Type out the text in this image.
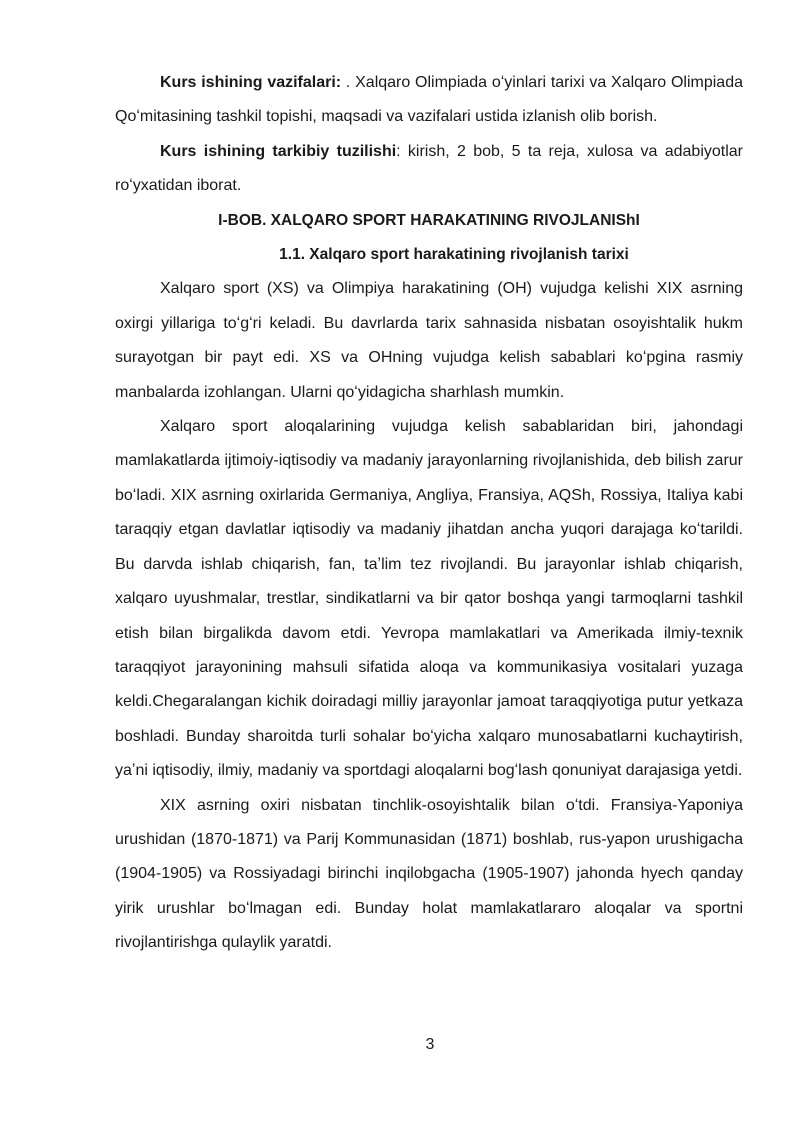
Kurs ishining vazifalari: . Xalqaro Olimpiada oʻyinlari tarixi va Xalqaro Olimpiada Qoʻmitasining tashkil topishi, maqsadi va vazifalari ustida izlanish olib borish.

Kurs ishining tarkibiy tuzilishi: kirish, 2 bob, 5 ta reja, xulosa va adabiyotlar roʻyxatidan iborat.

I-BOB. XALQARO SPORT HARAKATINING RIVOJLANIShI

1.1. Xalqaro sport harakatining rivojlanish tarixi

Xalqaro sport (XS) va Olimpiya harakatining (OH) vujudga kelishi XIX asrning oxirgi yillariga toʻgʻri keladi. Bu davrlarda tarix sahnasida nisbatan osoyishtalik hukm surayotgan bir payt edi. XS va OHning vujudga kelish sabablari koʻpgina rasmiy manbalarda izohlangan. Ularni qoʻyidagicha sharhlash mumkin.

Xalqaro sport aloqalarining vujudga kelish sabablaridan biri, jahondagi mamlakatlarda ijtimoiy-iqtisodiy va madaniy jarayonlarning rivojlanishida, deb bilish zarur boʻladi. XIX asrning oxirlarida Germaniya, Angliya, Fransiya, AQSh, Rossiya, Italiya kabi taraqqiy etgan davlatlar iqtisodiy va madaniy jihatdan ancha yuqori darajaga koʻtarildi. Bu darvda ishlab chiqarish, fan, taʼlim tez rivojlandi. Bu jarayonlar ishlab chiqarish, xalqaro uyushmalar, trestlar, sindikatlarni va bir qator boshqa yangi tarmoqlarni tashkil etish bilan birgalikda davom etdi. Yevropa mamlakatlari va Amerikada ilmiy-texnik taraqqiyot jarayonining mahsuli sifatida aloqa va kommunikasiya vositalari yuzaga keldi.Chegaralangan kichik doiradagi milliy jarayonlar jamoat taraqqiyotiga putur yetkaza boshladi. Bunday sharoitda turli sohalar boʻyicha xalqaro munosabatlarni kuchaytirish, yaʼni iqtisodiy, ilmiy, madaniy va sportdagi aloqalarni bogʻlash qonuniyat darajasiga yetdi.

XIX asrning oxiri nisbatan tinchlik-osoyishtalik bilan oʻtdi. Fransiya-Yaponiya urushidan (1870-1871) va Parij Kommunasidan (1871) boshlab, rus-yapon urushigacha (1904-1905) va Rossiyadagi birinchi inqilobgacha (1905-1907) jahonda hyech qanday yirik urushlar boʻlmagan edi. Bunday holat mamlakatlararo aloqalar va sportni rivojlantirishga qulaylik yaratdi.

3
